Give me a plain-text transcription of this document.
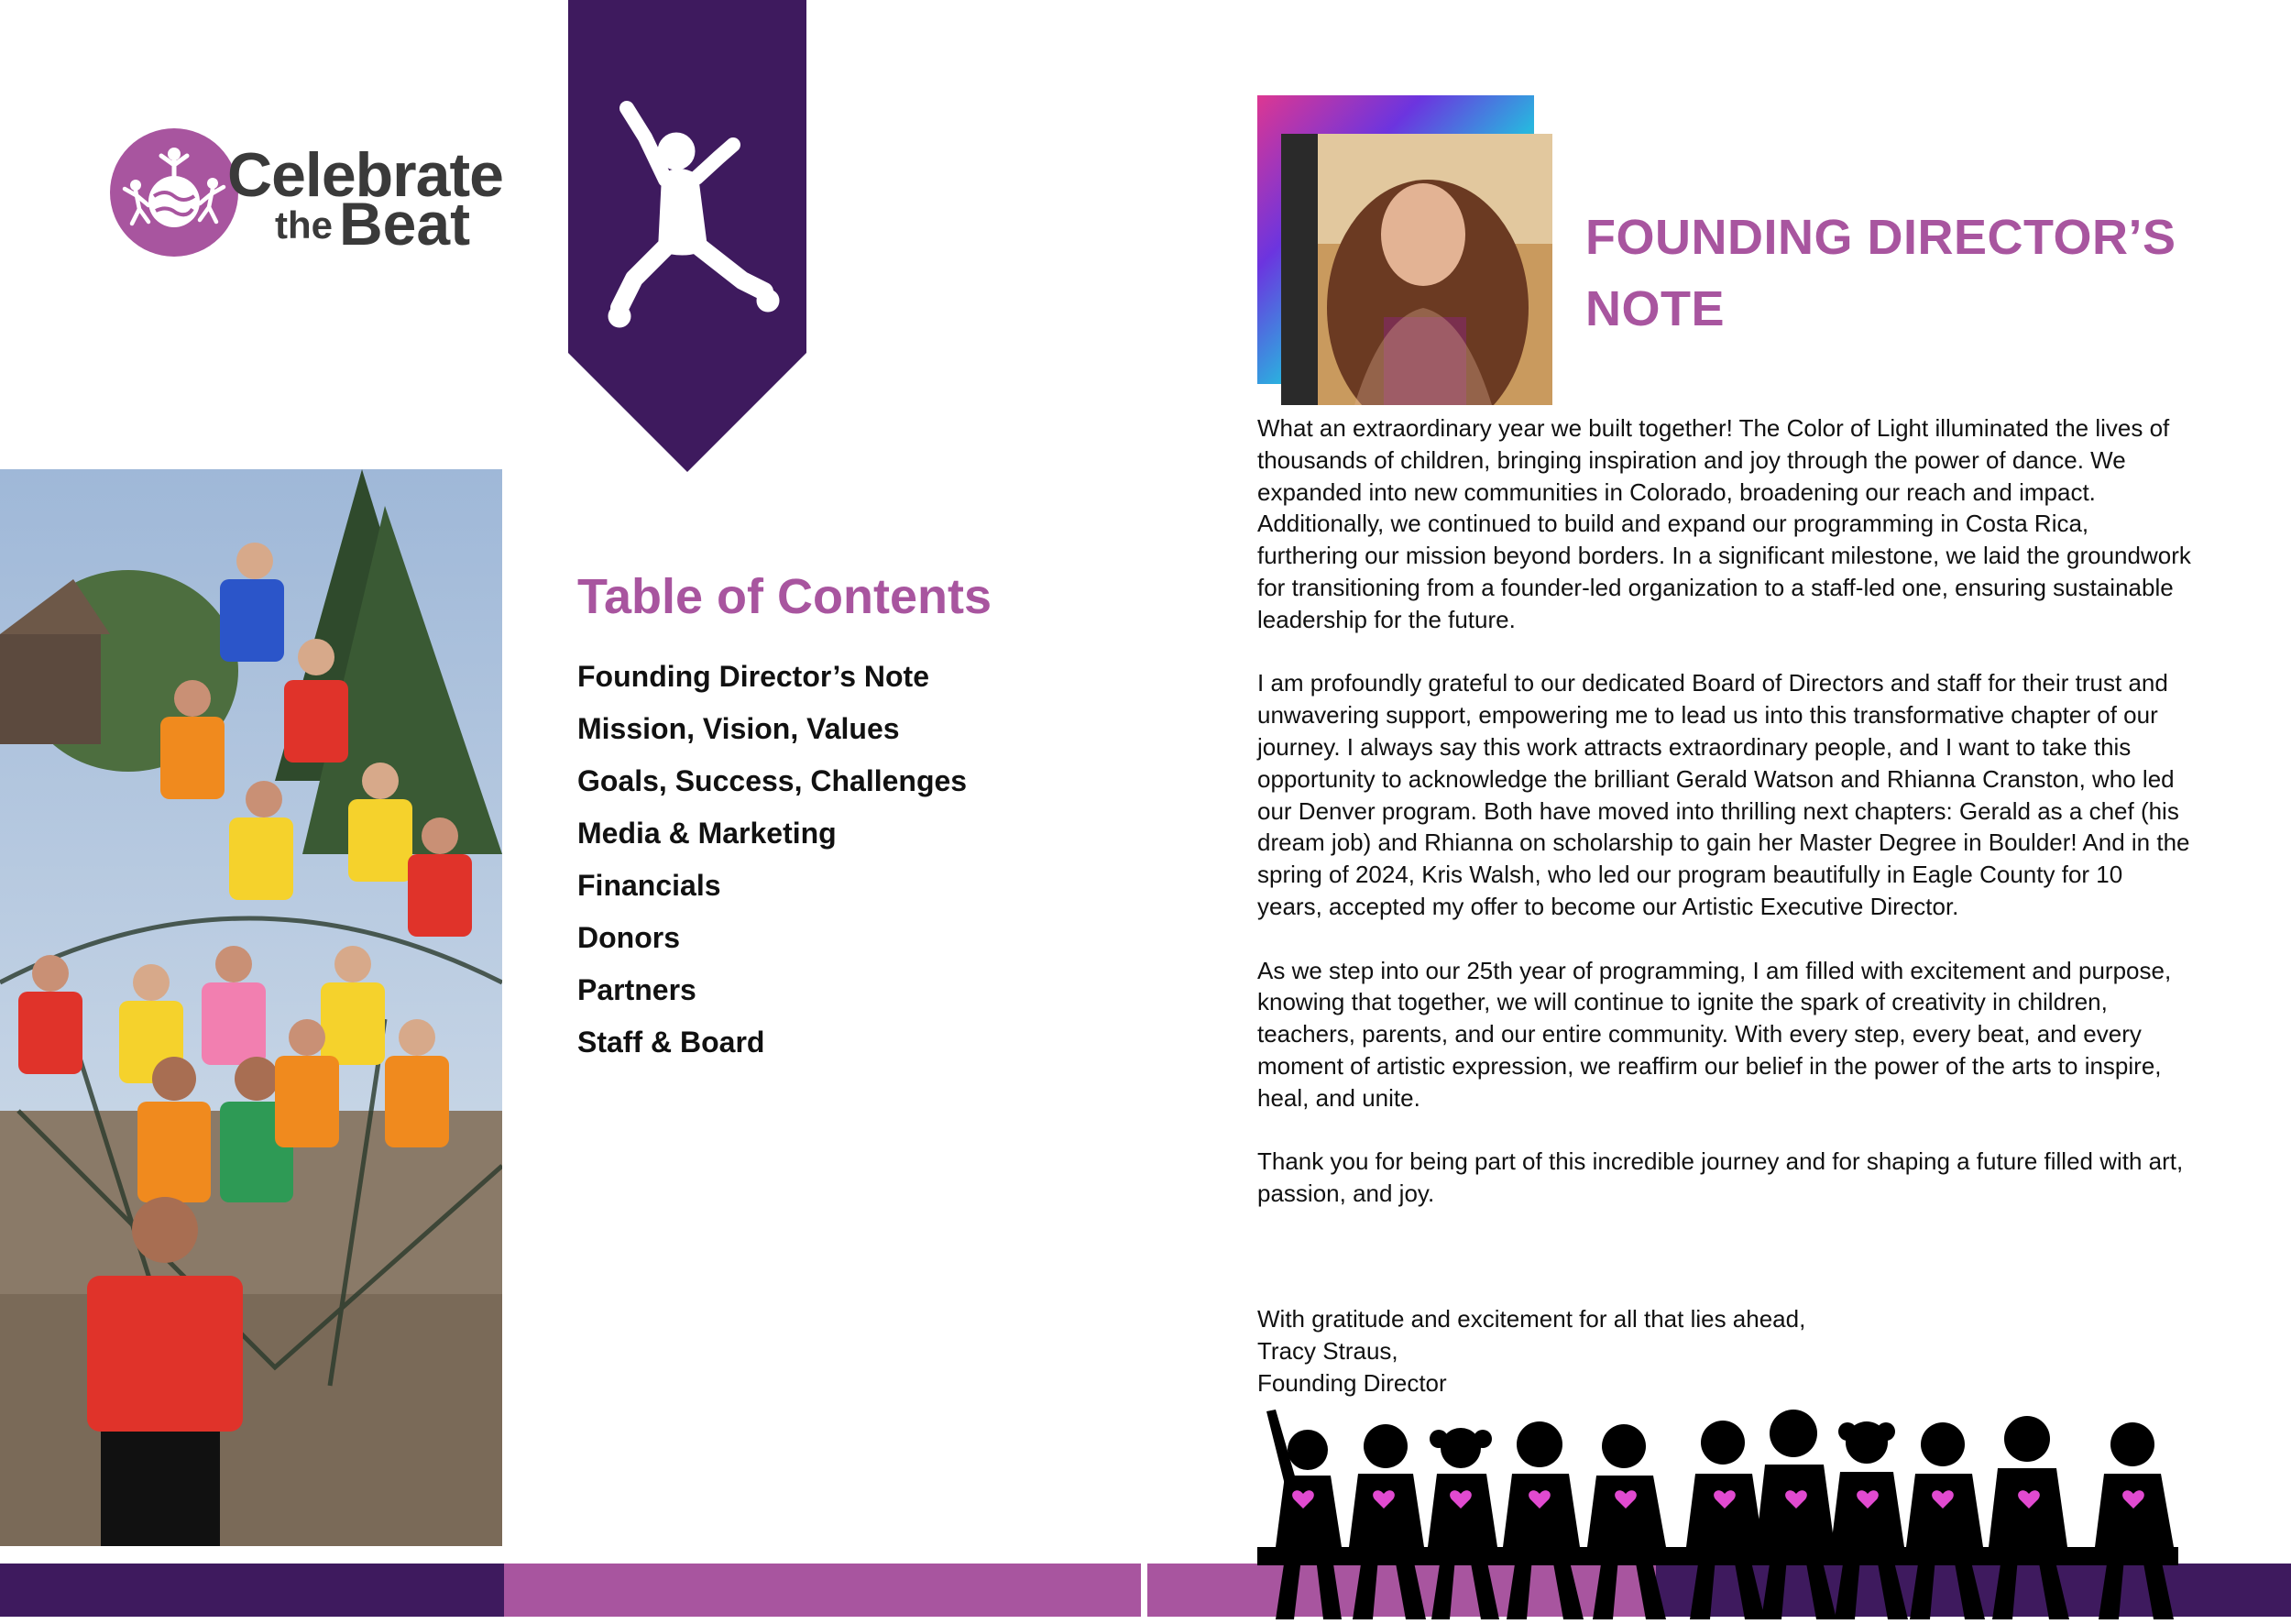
Celebrate
the Beat
Table of Contents
Founding Director’s Note
Mission, Vision, Values
Goals, Success, Challenges
Media & Marketing
Financials
Donors
Partners
Staff & Board
FOUNDING DIRECTOR’S NOTE

What an extraordinary year we built together! The Color of Light illuminated the lives of thousands of children, bringing inspiration and joy through the power of dance. We expanded into new communities in Colorado, broadening our reach and impact. Additionally, we continued to build and expand our programming in Costa Rica, furthering our mission beyond borders. In a significant milestone, we laid the groundwork for transitioning from a founder-led organization to a staff-led one, ensuring sustainable leadership for the future.

I am profoundly grateful to our dedicated Board of Directors and staff for their trust and unwavering support, empowering me to lead us into this transformative chapter of our journey. I always say this work attracts extraordinary people, and I want to take this opportunity to acknowledge the brilliant Gerald Watson and Rhianna Cranston, who led our Denver program. Both have moved into thrilling next chapters: Gerald as a chef (his dream job) and Rhianna on scholarship to gain her Master Degree in Boulder! And in the spring of 2024, Kris Walsh, who led our program beautifully in Eagle County for 10 years, accepted my offer to become our Artistic Executive Director.

As we step into our 25th year of programming, I am filled with excitement and purpose, knowing that together, we will continue to ignite the spark of creativity in children, teachers, parents, and our entire community. With every step, every beat, and every moment of artistic expression, we reaffirm our belief in the power of the arts to inspire, heal, and unite.

Thank you for being part of this incredible journey and for shaping a future filled with art, passion, and joy.

With gratitude and excitement for all that lies ahead,
Tracy Straus,
Founding Director
